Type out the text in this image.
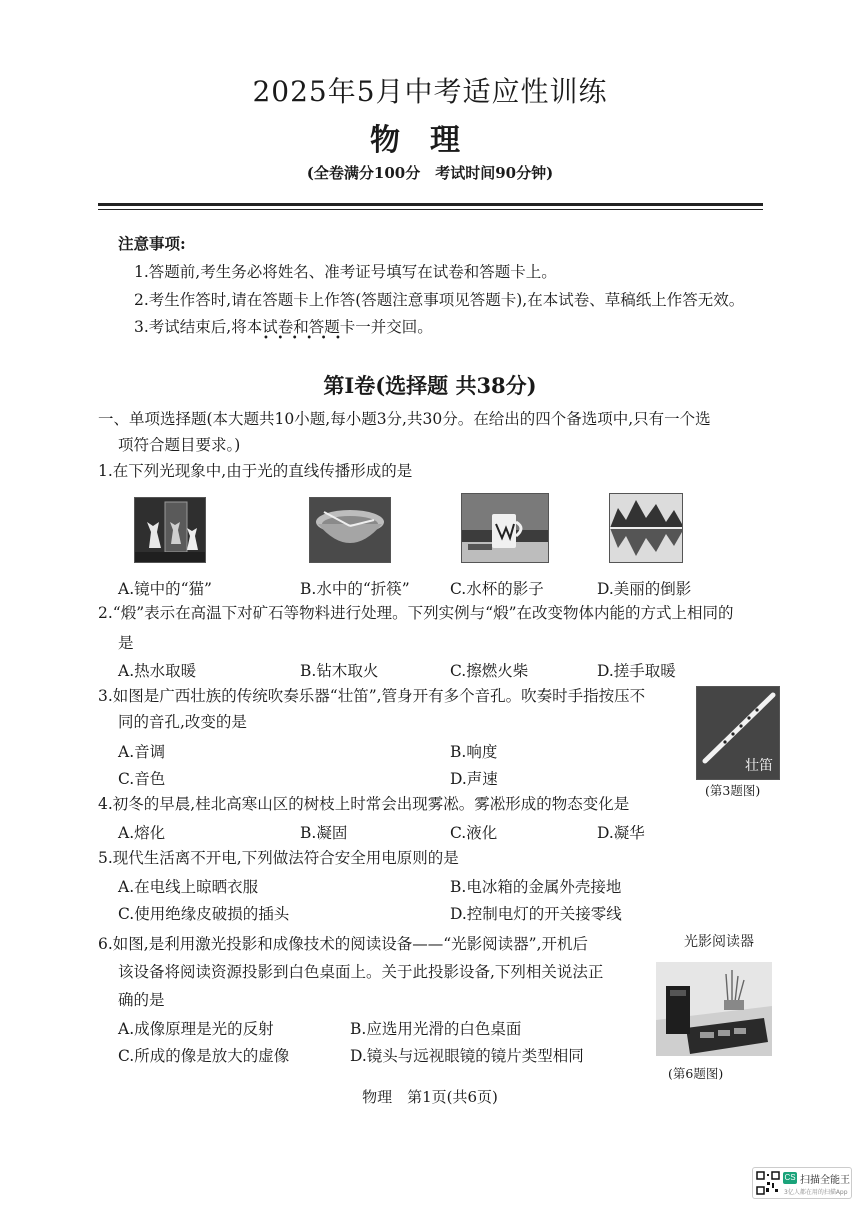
2025年5月中考适应性训练
物理
(全卷满分100分　考试时间90分钟)
注意事项:
1.答题前,考生务必将姓名、准考证号填写在试卷和答题卡上。
2.考生作答时,请在答题卡上作答(答题注意事项见答题卡),在本试卷、草稿纸上作答无效。
3.考试结束后,将本试卷和答题卡一并交回。
••••••
第Ⅰ卷(选择题 共38分)
一、单项选择题(本大题共10小题,每小题3分,共30分。在给出的四个备选项中,只有一个选
项符合题目要求。)
1.在下列光现象中,由于光的直线传播形成的是
A.镜中的“猫”	B.水中的“折筷”	C.水杯的影子	D.美丽的倒影
2.“煅”表示在高温下对矿石等物料进行处理。下列实例与“煅”在改变物体内能的方式上相同的
是
A.热水取暖	B.钻木取火	C.擦燃火柴	D.搓手取暖
3.如图是广西壮族的传统吹奏乐器“壮笛”,管身开有多个音孔。吹奏时手指按压不
同的音孔,改变的是
A.音调	B.响度
C.音色	D.声速
壮笛
(第3题图)
4.初冬的早晨,桂北高寒山区的树枝上时常会出现雾凇。雾凇形成的物态变化是
A.熔化	B.凝固	C.液化	D.凝华
5.现代生活离不开电,下列做法符合安全用电原则的是
A.在电线上晾晒衣服	B.电冰箱的金属外壳接地
C.使用绝缘皮破损的插头	D.控制电灯的开关接零线
6.如图,是利用激光投影和成像技术的阅读设备——“光影阅读器”,开机后
该设备将阅读资源投影到白色桌面上。关于此投影设备,下列相关说法正
确的是
A.成像原理是光的反射	B.应选用光滑的白色桌面
C.所成的像是放大的虚像	D.镜头与远视眼镜的镜片类型相同
光影阅读器
(第6题图)
物理　第1页(共6页)
CS 扫描全能王
3亿人都在用的扫描App
